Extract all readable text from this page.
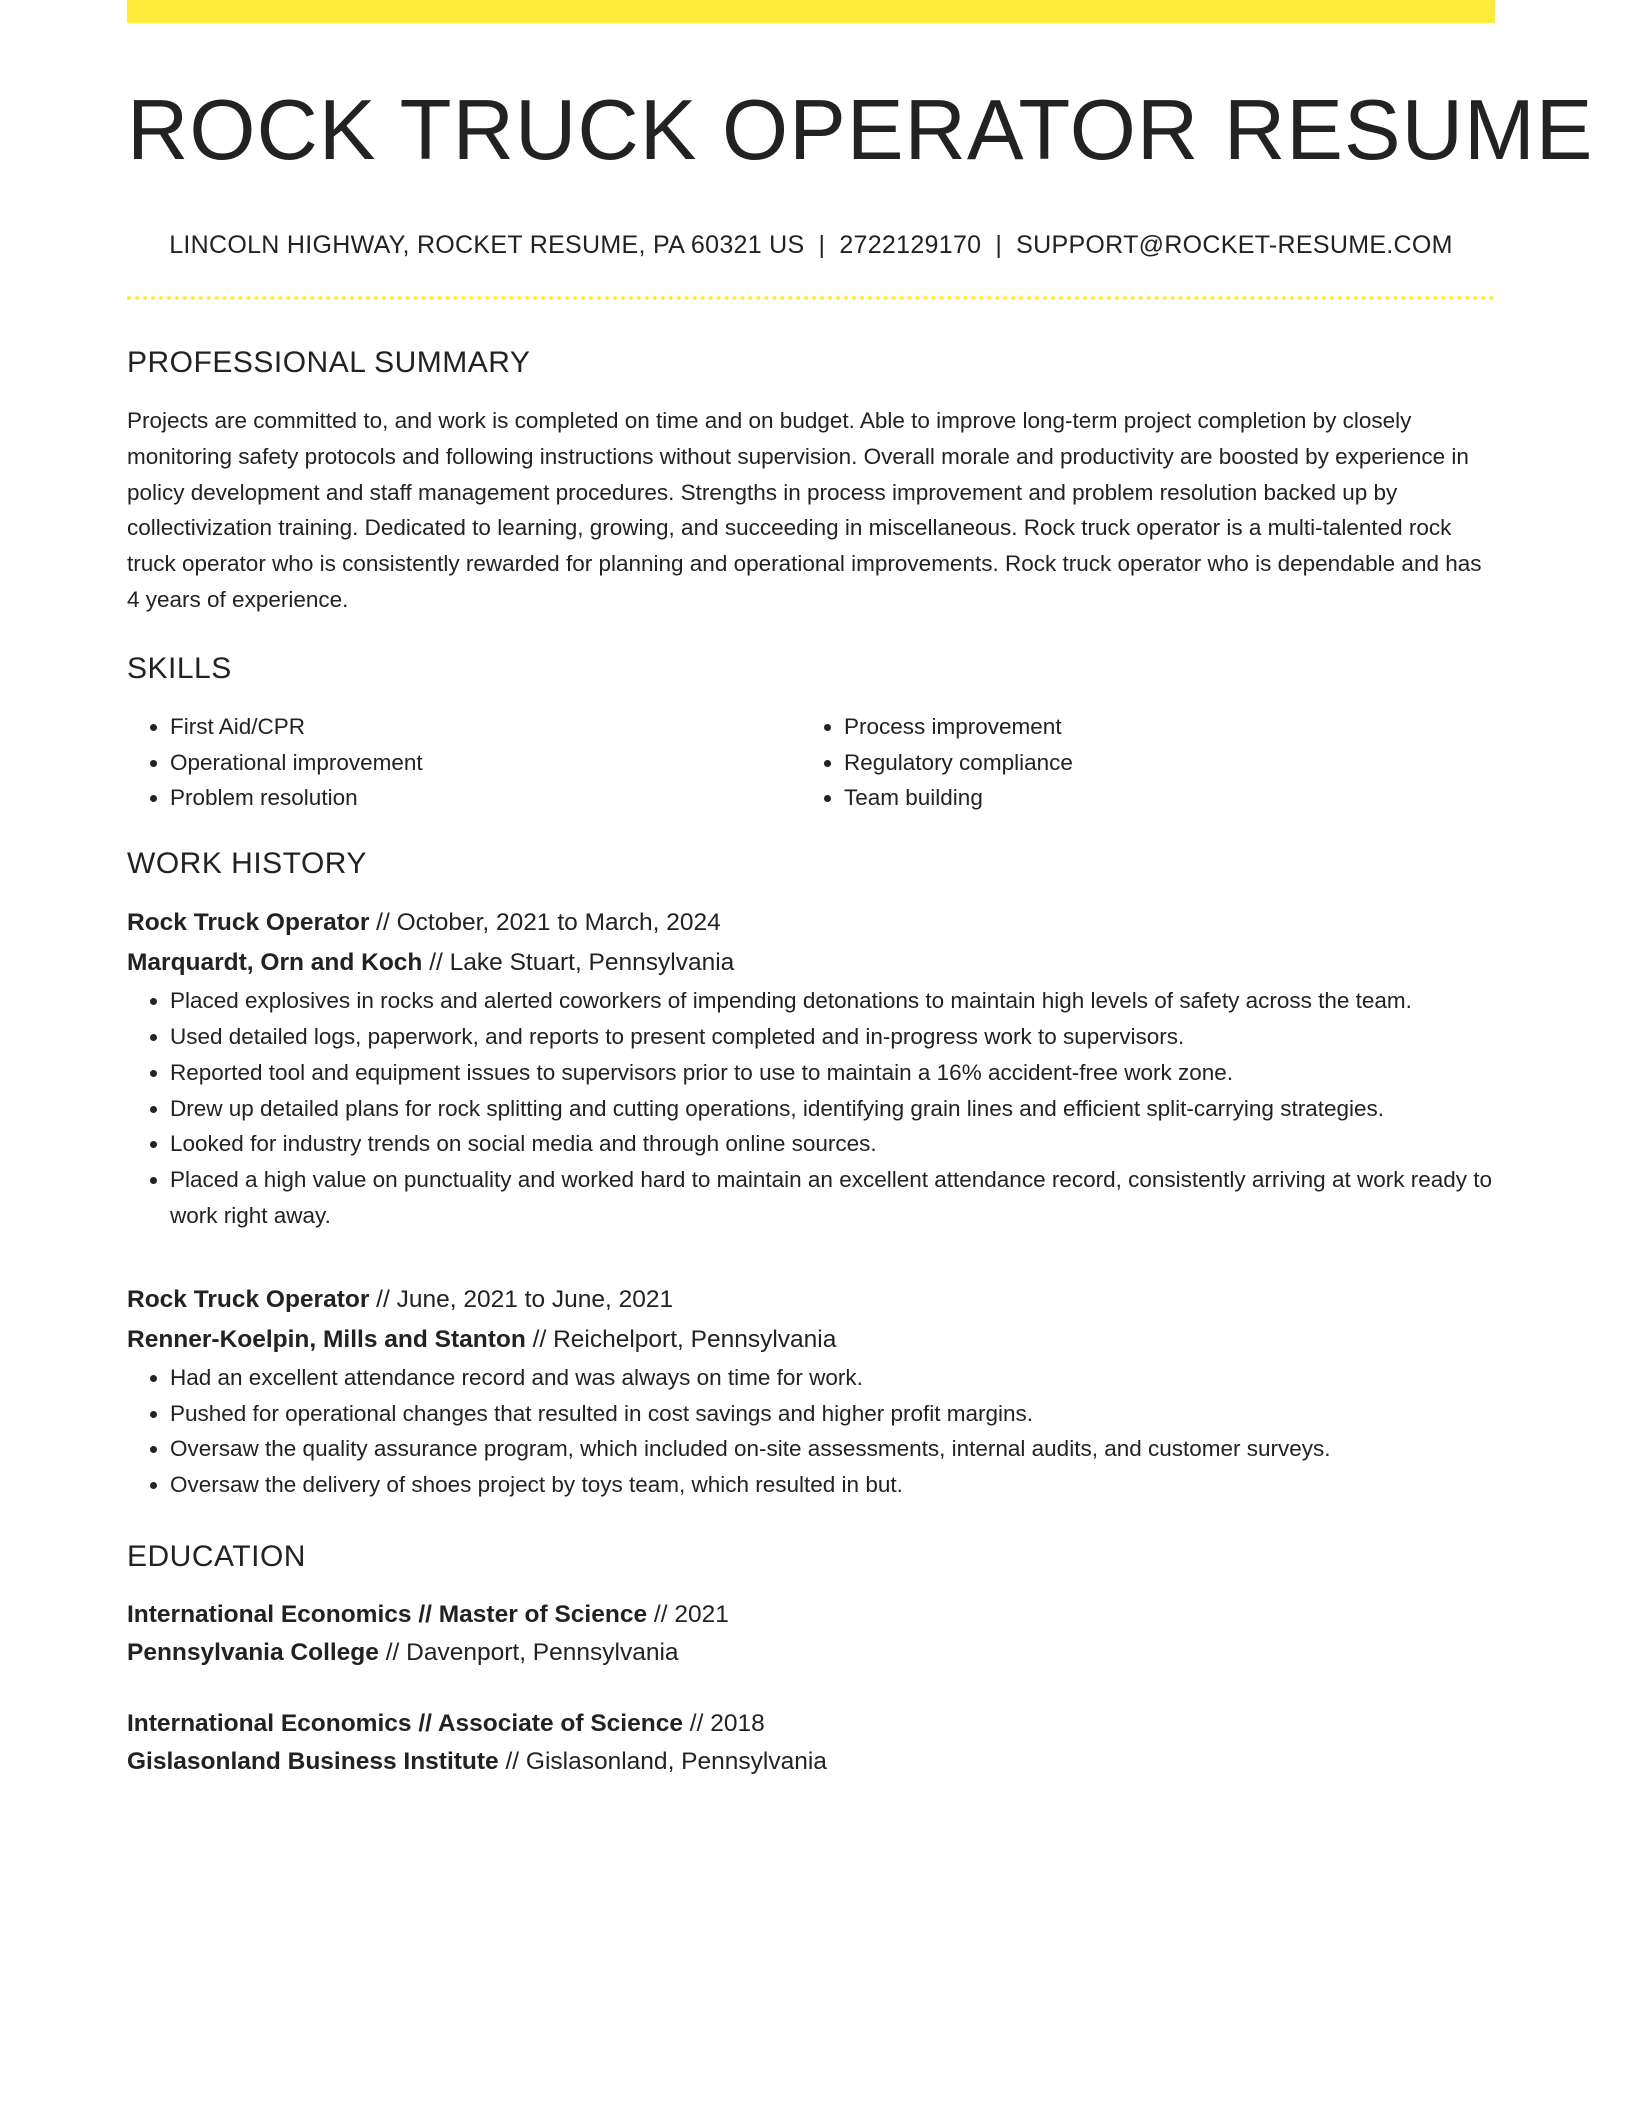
ROCK TRUCK OPERATOR RESUME
LINCOLN HIGHWAY, ROCKET RESUME, PA 60321 US | 2722129170 | SUPPORT@ROCKET-RESUME.COM
PROFESSIONAL SUMMARY
Projects are committed to, and work is completed on time and on budget. Able to improve long-term project completion by closely monitoring safety protocols and following instructions without supervision. Overall morale and productivity are boosted by experience in policy development and staff management procedures. Strengths in process improvement and problem resolution backed up by collectivization training. Dedicated to learning, growing, and succeeding in miscellaneous. Rock truck operator is a multi-talented rock truck operator who is consistently rewarded for planning and operational improvements. Rock truck operator who is dependable and has 4 years of experience.
SKILLS
• First Aid/CPR
• Operational improvement
• Problem resolution
• Process improvement
• Regulatory compliance
• Team building
WORK HISTORY
Rock Truck Operator // October, 2021 to March, 2024
Marquardt, Orn and Koch // Lake Stuart, Pennsylvania
• Placed explosives in rocks and alerted coworkers of impending detonations to maintain high levels of safety across the team.
• Used detailed logs, paperwork, and reports to present completed and in-progress work to supervisors.
• Reported tool and equipment issues to supervisors prior to use to maintain a 16% accident-free work zone.
• Drew up detailed plans for rock splitting and cutting operations, identifying grain lines and efficient split-carrying strategies.
• Looked for industry trends on social media and through online sources.
• Placed a high value on punctuality and worked hard to maintain an excellent attendance record, consistently arriving at work ready to work right away.
Rock Truck Operator // June, 2021 to June, 2021
Renner-Koelpin, Mills and Stanton // Reichelport, Pennsylvania
• Had an excellent attendance record and was always on time for work.
• Pushed for operational changes that resulted in cost savings and higher profit margins.
• Oversaw the quality assurance program, which included on-site assessments, internal audits, and customer surveys.
• Oversaw the delivery of shoes project by toys team, which resulted in but.
EDUCATION
International Economics // Master of Science // 2021
Pennsylvania College // Davenport, Pennsylvania
International Economics // Associate of Science // 2018
Gislasonland Business Institute // Gislasonland, Pennsylvania
